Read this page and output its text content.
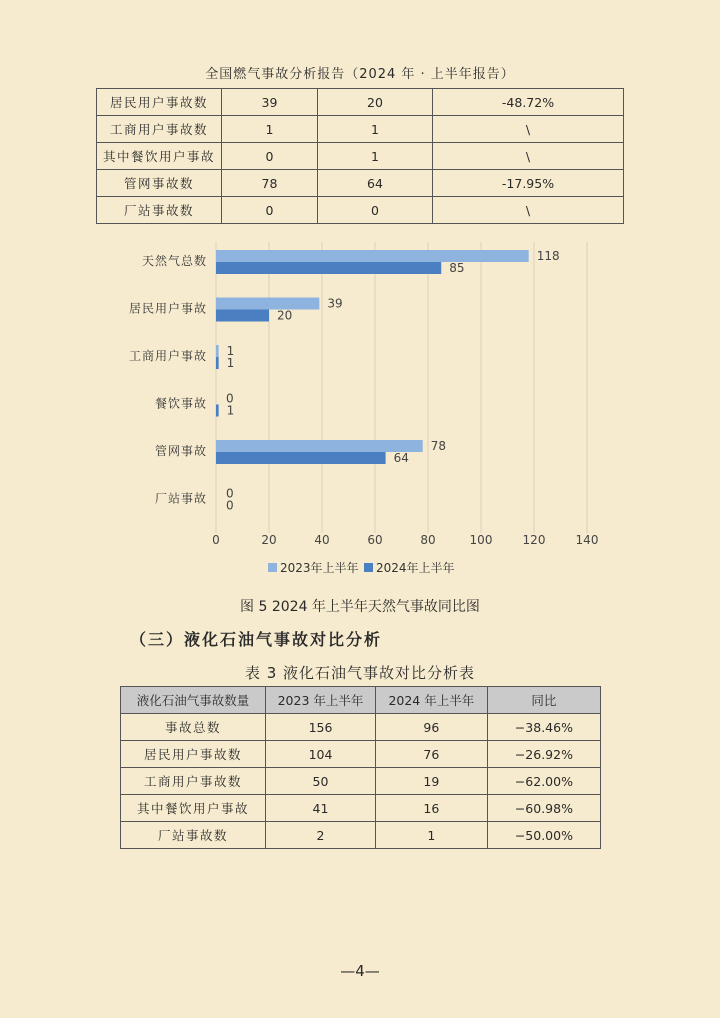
全国燃气事故分析报告（2024 年 · 上半年报告）
居民用户事故数	39	20	-48.72%
工商用户事故数	1	1	\
其中餐饮用户事故	0	1	\
管网事故数	78	64	-17.95%
厂站事故数	0	0	\
0	20	40	60	80	100	120	140
天然气总数	118
85
居民用户事故	39
20
工商用户事故 1
1
餐饮事故 0
1
管网事故	78
64
厂站事故 0
0
2023年上半年 2024年上半年
图 5 2024 年上半年天然气事故同比图
（三）液化石油气事故对比分析
表 3 液化石油气事故对比分析表
液化石油气事故数量	2023 年上半年	2024 年上半年	同比
事故总数	156	96	−38.46%
居民用户事故数	104	76	−26.92%
工商用户事故数	50	19	−62.00%
其中餐饮用户事故	41	16	−60.98%
厂站事故数	2	1	−50.00%
—4—
